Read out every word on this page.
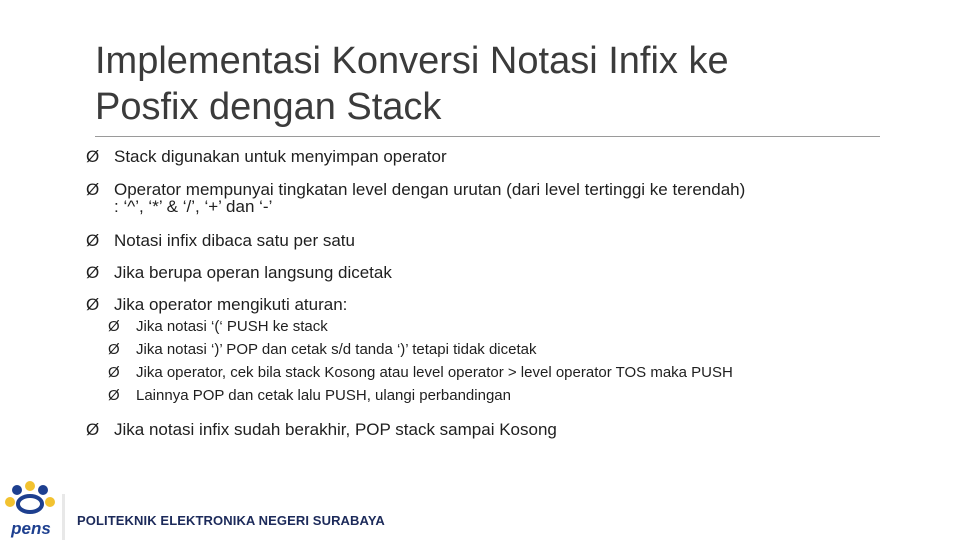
Implementasi Konversi Notasi Infix ke
Posfix dengan Stack
Ø Stack digunakan untuk menyimpan operator
Ø Operator mempunyai tingkatan level dengan urutan (dari level tertinggi ke terendah)
: ‘^’, ‘*’ & ‘/’, ‘+’ dan ‘-’
Ø Notasi infix dibaca satu per satu
Ø Jika berupa operan langsung dicetak
Ø Jika operator mengikuti aturan:
Ø Jika notasi ‘(‘ PUSH ke stack
Ø Jika notasi ‘)’ POP dan cetak s/d tanda ‘)’ tetapi tidak dicetak
Ø Jika operator, cek bila stack Kosong atau level operator > level operator TOS maka PUSH
Ø Lainnya POP dan cetak lalu PUSH, ulangi perbandingan
Ø Jika notasi infix sudah berakhir, POP stack sampai Kosong
pens POLITEKNIK ELEKTRONIKA NEGERI SURABAYA
